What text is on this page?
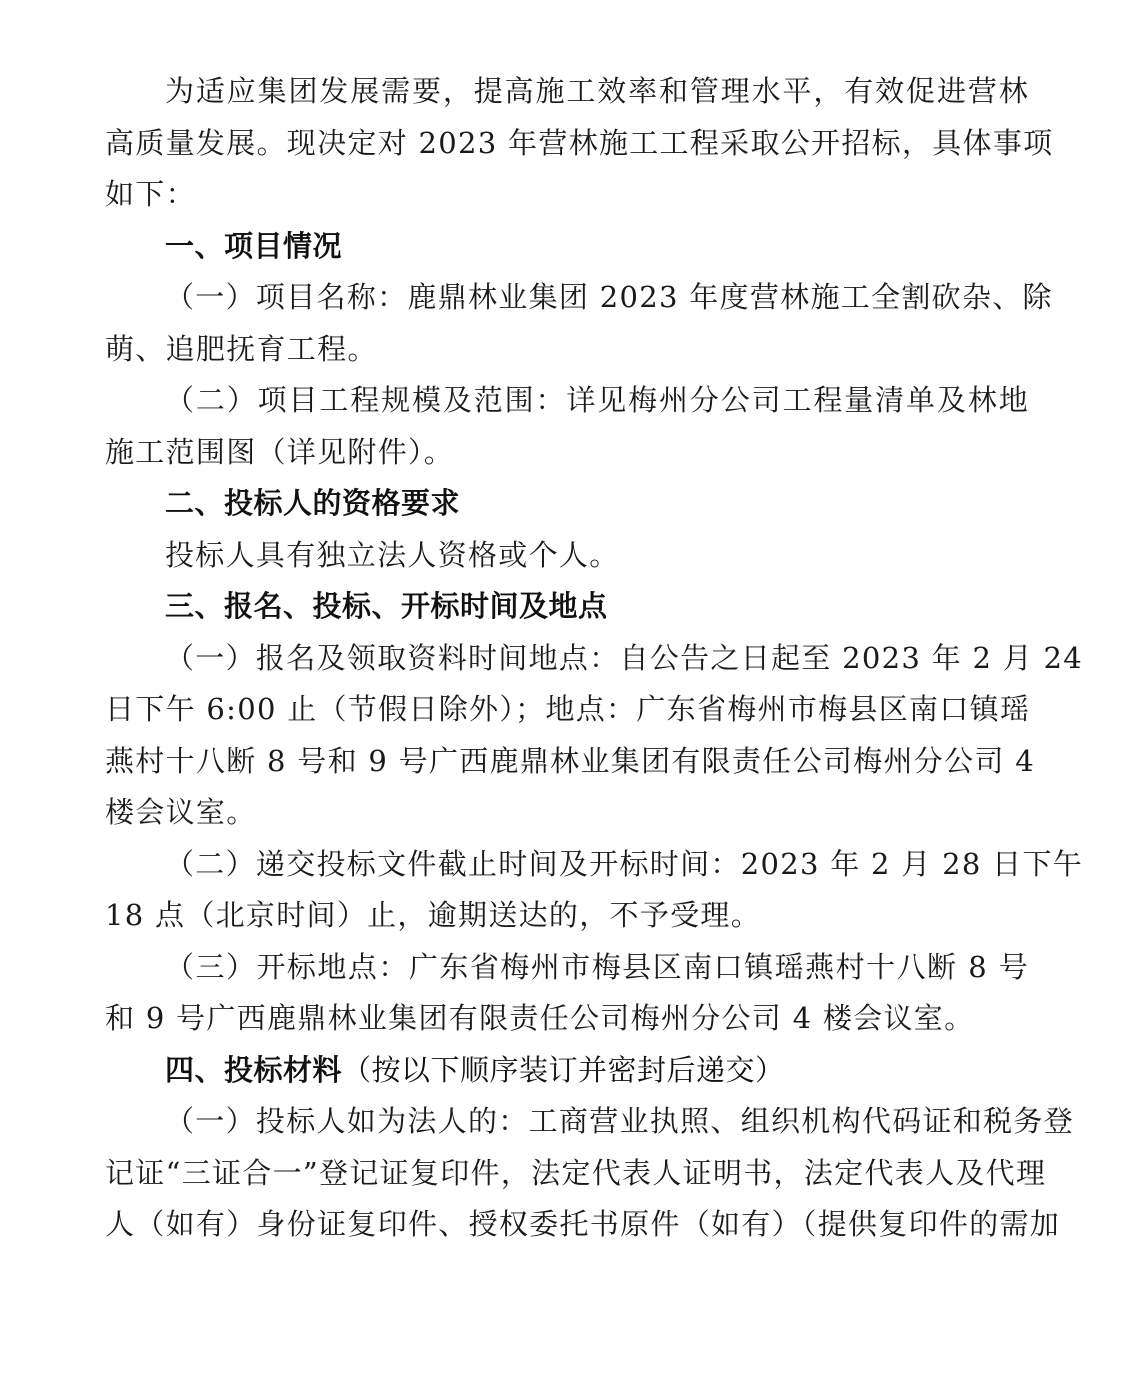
为适应集团发展需要，提高施工效率和管理水平，有效促进营林
高质量发展。现决定对 2023 年营林施工工程采取公开招标，具体事项
如下：
一、项目情况
（一）项目名称：鹿鼎林业集团 2023 年度营林施工全割砍杂、除
萌、追肥抚育工程。
（二）项目工程规模及范围：详见梅州分公司工程量清单及林地
施工范围图（详见附件）。
二、投标人的资格要求
投标人具有独立法人资格或个人。
三、报名、投标、开标时间及地点
（一）报名及领取资料时间地点：自公告之日起至 2023 年 2 月 24
日下午 6:00 止（节假日除外）；地点：广东省梅州市梅县区南口镇瑶
燕村十八断 8 号和 9 号广西鹿鼎林业集团有限责任公司梅州分公司 4
楼会议室。
（二）递交投标文件截止时间及开标时间：2023 年 2 月 28 日下午
18 点（北京时间）止，逾期送达的，不予受理。
（三）开标地点：广东省梅州市梅县区南口镇瑶燕村十八断 8 号
和 9 号广西鹿鼎林业集团有限责任公司梅州分公司 4 楼会议室。
四、投标材料（按以下顺序装订并密封后递交）
（一）投标人如为法人的：工商营业执照、组织机构代码证和税务登
记证“三证合一”登记证复印件，法定代表人证明书，法定代表人及代理
人（如有）身份证复印件、授权委托书原件（如有）（提供复印件的需加
